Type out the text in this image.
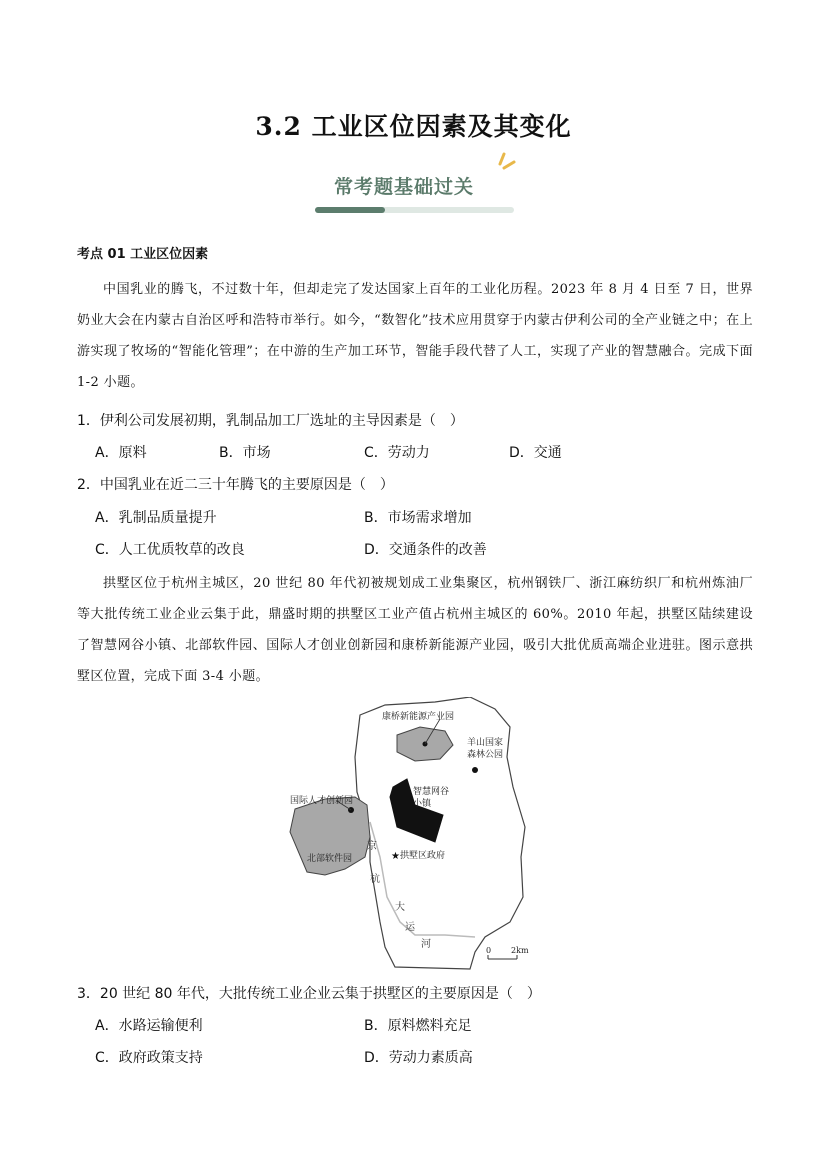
3.2 工业区位因素及其变化
常考题基础过关
考点 01 工业区位因素
中国乳业的腾飞，不过数十年，但却走完了发达国家上百年的工业化历程。2023 年 8 月 4 日至 7 日，世界奶业大会在内蒙古自治区呼和浩特市举行。如今，“数智化”技术应用贯穿于内蒙古伊利公司的全产业链之中；在上游实现了牧场的“智能化管理”；在中游的生产加工环节，智能手段代替了人工，实现了产业的智慧融合。完成下面 1-2 小题。
1．伊利公司发展初期，乳制品加工厂选址的主导因素是（　）
A．原料	B．市场	C．劳动力	D．交通
2．中国乳业在近二三十年腾飞的主要原因是（　）
A．乳制品质量提升	B．市场需求增加
C．人工优质牧草的改良	D．交通条件的改善
拱墅区位于杭州主城区，20 世纪 80 年代初被规划成工业集聚区，杭州钢铁厂、浙江麻纺织厂和杭州炼油厂等大批传统工业企业云集于此，鼎盛时期的拱墅区工业产值占杭州主城区的 60%。2010 年起，拱墅区陆续建设了智慧网谷小镇、北部软件园、国际人才创业创新园和康桥新能源产业园，吸引大批优质高端企业进驻。图示意拱墅区位置，完成下面 3-4 小题。
康桥新能源产业园
羊山国家
森林公园
国际人才创新园
智慧网谷
小镇
北部软件园	★ 拱墅区政府
京
杭
大
运
河
0 2km
3．20 世纪 80 年代，大批传统工业企业云集于拱墅区的主要原因是（　）
A．水路运输便利	B．原料燃料充足
C．政府政策支持	D．劳动力素质高
